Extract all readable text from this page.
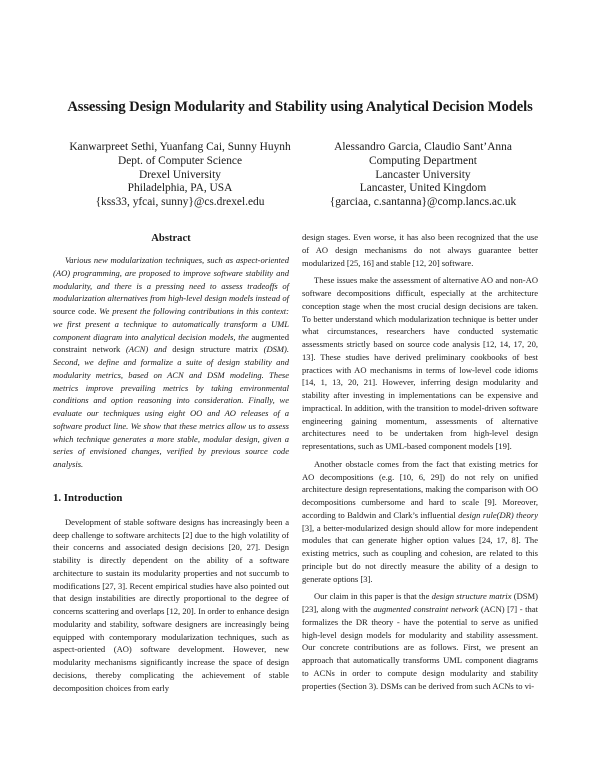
Assessing Design Modularity and Stability using Analytical Decision Models
Kanwarpreet Sethi, Yuanfang Cai, Sunny Huynh
Dept. of Computer Science
Drexel University
Philadelphia, PA, USA
{kss33, yfcai, sunny}@cs.drexel.edu
Alessandro Garcia, Claudio Sant’Anna
Computing Department
Lancaster University
Lancaster, United Kingdom
{garciaa, c.santanna}@comp.lancs.ac.uk
Abstract

Various new modularization techniques, such as aspect-oriented (AO) programming, are proposed to improve software stability and modularity, and there is a pressing need to assess tradeoffs of modularization alternatives from high-level design models instead of source code. We present the following contributions in this context: we first present a technique to automatically transform a UML component diagram into analytical decision models, the augmented constraint network (ACN) and design structure matrix (DSM). Second, we define and formalize a suite of design stability and modularity metrics, based on ACN and DSM modeling. These metrics improve prevailing metrics by taking environmental conditions and option reasoning into consideration. Finally, we evaluate our techniques using eight OO and AO releases of a software product line. We show that these metrics allow us to assess which technique generates a more stable, modular design, given a series of envisioned changes, verified by previous source code analysis.

1. Introduction

Development of stable software designs has increasingly been a deep challenge to software architects [2] due to the high volatility of their concerns and associated design decisions [20, 27]. Design stability is directly dependent on the ability of a software architecture to sustain its modularity properties and not succumb to modifications [27, 3]. Recent empirical studies have also pointed out that design instabilities are directly proportional to the degree of concerns scattering and overlaps [12, 20]. In order to enhance design modularity and stability, software designers are increasingly being equipped with contemporary modularization techniques, such as aspect-oriented (AO) software development. However, new modularity mechanisms significantly increase the space of design decisions, thereby complicating the achievement of stable decomposition choices from early

design stages. Even worse, it has also been recognized that the use of AO design mechanisms do not always guarantee better modularized [25, 16] and stable [12, 20] software.

These issues make the assessment of alternative AO and non-AO software decompositions difficult, especially at the architecture conception stage when the most crucial design decisions are taken. To better understand which modularization technique is better under what circumstances, researchers have conducted systematic assessments strictly based on source code analysis [12, 14, 17, 20, 13]. These studies have derived preliminary cookbooks of best practices with AO mechanisms in terms of low-level code idioms [14, 1, 13, 20, 21]. However, inferring design modularity and stability after investing in implementations can be expensive and impractical. In addition, with the transition to model-driven software engineering gaining momentum, assessments of alternative architectures need to be undertaken from high-level design representations, such as UML-based component models [19].

Another obstacle comes from the fact that existing metrics for AO decompositions (e.g. [10, 6, 29]) do not rely on unified architecture design representations, making the comparison with OO decompositions cumbersome and hard to scale [9]. Moreover, according to Baldwin and Clark’s influential design rule(DR) theory [3], a better-modularized design should allow for more independent modules that can generate higher option values [24, 17, 8]. The existing metrics, such as coupling and cohesion, are related to this principle but do not directly measure the ability of a design to generate options [3].

Our claim in this paper is that the design structure matrix (DSM) [23], along with the augmented constraint network (ACN) [7] - that formalizes the DR theory - have the potential to serve as unified high-level design models for modularity and stability assessment. Our concrete contributions are as follows. First, we present an approach that automatically transforms UML component diagrams to ACNs in order to compute design modularity and stability properties (Section 3). DSMs can be derived from such ACNs to vi-
